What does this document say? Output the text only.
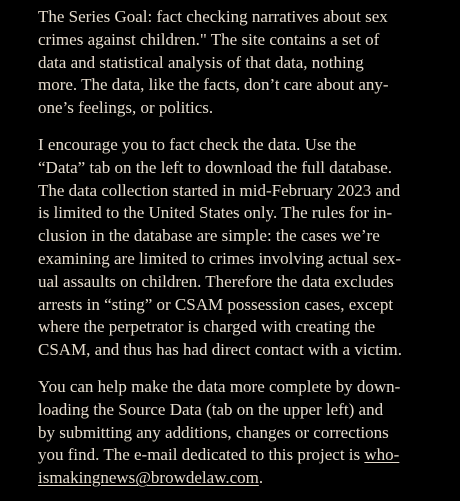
The Series Goal: fact checking narratives about sex
crimes against children." The site contains a set of
data and statistical analysis of that data, nothing
more. The data, like the facts, don’t care about any-
one’s feelings, or politics.
I encourage you to fact check the data. Use the
“Data” tab on the left to download the full database.
The data collection started in mid-February 2023 and
is limited to the United States only. The rules for in-
clusion in the database are simple: the cases we’re
examining are limited to crimes involving actual sex-
ual assaults on children. Therefore the data excludes
arrests in “sting” or CSAM possession cases, except
where the perpetrator is charged with creating the
CSAM, and thus has had direct contact with a victim.
You can help make the data more complete by down-
loading the Source Data (tab on the upper left) and
by submitting any additions, changes or corrections
you find. The e-mail dedicated to this project is who-
ismakingnews@browdelaw.com.
